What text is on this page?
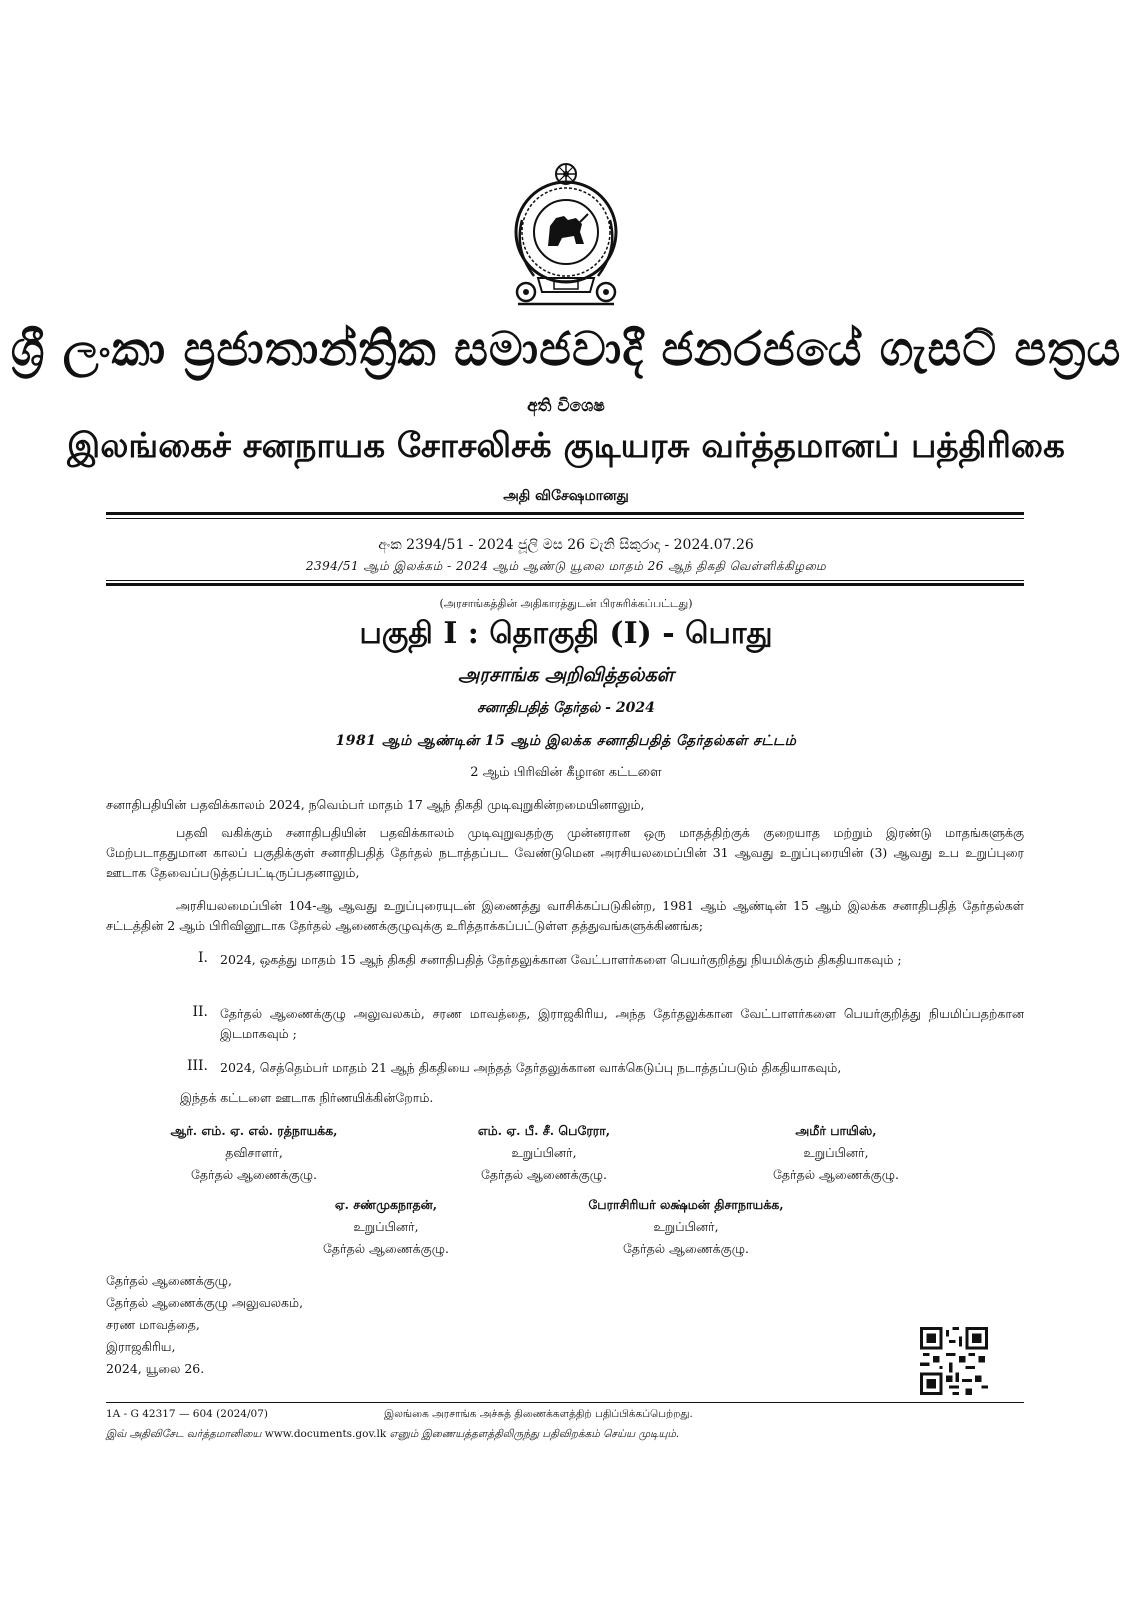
ශ්‍රී ලංකා ප්‍රජාතාන්ත්‍රික සමාජවාදී ජනරජයේ ගැසට් පත්‍රය
අති විශෙෂ
இலங்கைச் சனநாயக சோசலிசக் குடியரசு வர்த்தமானப் பத்திரிகை
அதி விசேஷமானது
අංක 2394/51 - 2024 ජූලි මස 26 වැනි සිකුරාදා - 2024.07.26
2394/51 ஆம் இலக்கம் - 2024 ஆம் ஆண்டு யூலை மாதம் 26 ஆந் திகதி வெள்ளிக்கிழமை
(அரசாங்கத்தின் அதிகாரத்துடன் பிரசுரிக்கப்பட்டது)
பகுதி I : தொகுதி (I) - பொது
அரசாங்க அறிவித்தல்கள்
சனாதிபதித் தேர்தல் - 2024
1981 ஆம் ஆண்டின் 15 ஆம் இலக்க சனாதிபதித் தேர்தல்கள் சட்டம்
2 ஆம் பிரிவின் கீழான கட்டளை
சனாதிபதியின் பதவிக்காலம் 2024, நவெம்பர் மாதம் 17 ஆந் திகதி முடிவுறுகின்றமையினாலும்,
பதவி வகிக்கும் சனாதிபதியின் பதவிக்காலம் முடிவுறுவதற்கு முன்னரான ஒரு மாதத்திற்குக் குறையாத மற்றும் இரண்டு மாதங்களுக்கு மேற்படாததுமான காலப் பகுதிக்குள் சனாதிபதித் தேர்தல் நடாத்தப்பட வேண்டுமென அரசியலமைப்பின் 31 ஆவது உறுப்புரையின் (3) ஆவது உப உறுப்புரை ஊடாக தேவைப்படுத்தப்பட்டிருப்பதனாலும்,
அரசியலமைப்பின் 104-ஆ ஆவது உறுப்புரையுடன் இணைத்து வாசிக்கப்படுகின்ற, 1981 ஆம் ஆண்டின் 15 ஆம் இலக்க சனாதிபதித் தேர்தல்கள் சட்டத்தின் 2 ஆம் பிரிவினூடாக தேர்தல் ஆணைக்குழுவுக்கு உரித்தாக்கப்பட்டுள்ள தத்துவங்களுக்கிணங்க;
I. 2024, ஒகத்து மாதம் 15 ஆந் திகதி சனாதிபதித் தேர்தலுக்கான வேட்பாளர்களை பெயர்குறித்து நியமிக்கும் திகதியாகவும் ;
II. தேர்தல் ஆணைக்குழு அலுவலகம், சரண மாவத்தை, இராஜகிரிய, அந்த தேர்தலுக்கான வேட்பாளர்களை பெயர்குறித்து நியமிப்பதற்கான இடமாகவும் ;
III. 2024, செத்தெம்பர் மாதம் 21 ஆந் திகதியை அந்தத் தேர்தலுக்கான வாக்கெடுப்பு நடாத்தப்படும் திகதியாகவும்,
இந்தக் கட்டளை ஊடாக நிர்ணயிக்கின்றோம்.
ஆர். எம். ஏ. எல். ரத்நாயக்க,
தவிசாளர்,
தேர்தல் ஆணைக்குழு.
எம். ஏ. பீ. சீ. பெரேரா,
உறுப்பினர்,
தேர்தல் ஆணைக்குழு.
அமீர் பாயிஸ்,
உறுப்பினர்,
தேர்தல் ஆணைக்குழு.
ஏ. சண்முகநாதன்,
உறுப்பினர்,
தேர்தல் ஆணைக்குழு.
பேராசிரியர் லக்ஷ்மன் திசாநாயக்க,
உறுப்பினர்,
தேர்தல் ஆணைக்குழு.
தேர்தல் ஆணைக்குழு,
தேர்தல் ஆணைக்குழு அலுவலகம்,
சரண மாவத்தை,
இராஜகிரிய,
2024, யூலை 26.
1A - G 42317 — 604 (2024/07)	இலங்கை அரசாங்க அச்சுத் திணைக்களத்திற் பதிப்பிக்கப்பெற்றது.
இவ் அதிவிசேட வர்த்தமானியை www.documents.gov.lk எனும் இணையத்தளத்திலிருந்து பதிவிறக்கம் செய்ய முடியும்.
